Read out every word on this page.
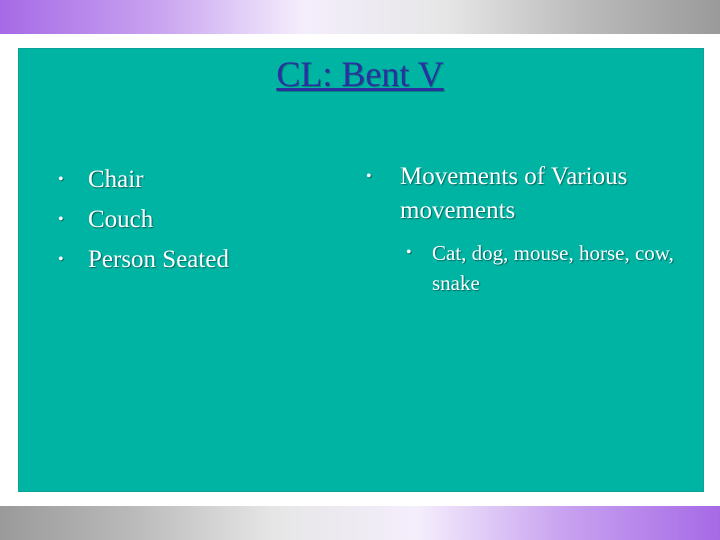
CL: Bent V
• Chair
• Couch
• Person Seated
• Movements of Various movements
• Cat, dog, mouse, horse, cow, snake
